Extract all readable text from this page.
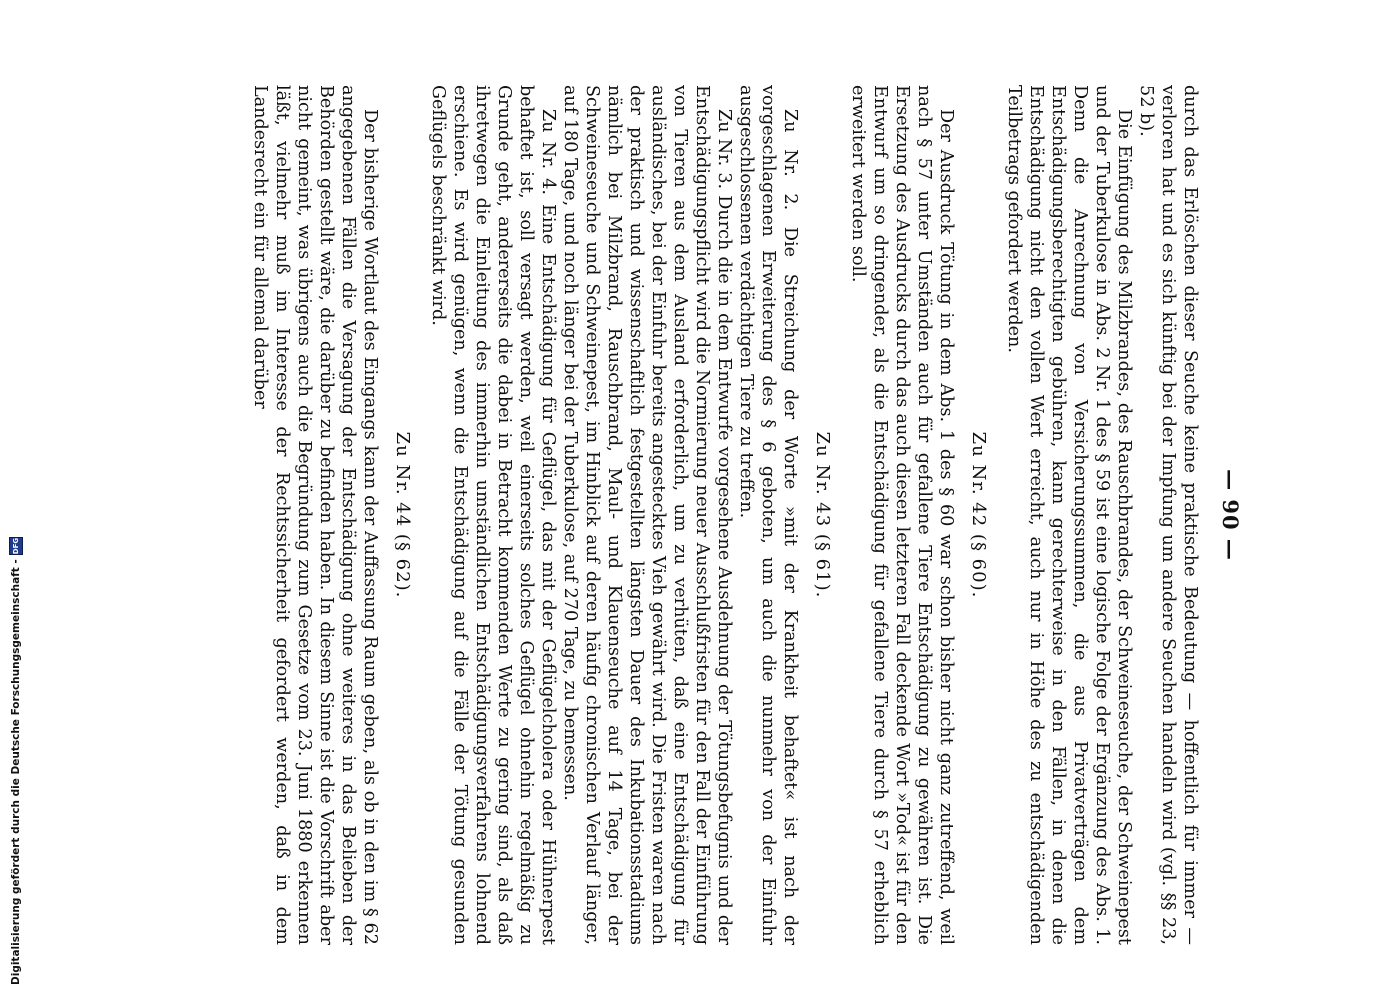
— 90 —

durch das Erlöschen dieser Seuche keine praktische Bedeutung — hoffentlich für immer — verloren hat und es sich künftig bei der Impfung um andere Seuchen handeln wird (vgl. §§ 23, 52 b).

Die Einfügung des Milzbrandes, des Rauschbrandes, der Schweineseuche, der Schweinepest und der Tuberkulose in Abs. 2 Nr. 1 des § 59 ist eine logische Folge der Ergänzung des Abs. 1. Denn die Anrechnung von Versicherungssummen, die aus Privatverträgen dem Entschädigungsberechtigten gebühren, kann gerechterweise in den Fällen, in denen die Entschädigung nicht den vollen Wert erreicht, auch nur in Höhe des zu entschädigenden Teilbetrags gefordert werden.

Zu Nr. 42 (§ 60).

Der Ausdruck Tötung in dem Abs. 1 des § 60 war schon bisher nicht ganz zutreffend, weil nach § 57 unter Umständen auch für gefallene Tiere Entschädigung zu gewähren ist. Die Ersetzung des Ausdrucks durch das auch diesen letzteren Fall deckende Wort »Tod« ist für den Entwurf um so dringender, als die Entschädigung für gefallene Tiere durch § 57 erheblich erweitert werden soll.

Zu Nr. 43 (§ 61).

Zu Nr. 2. Die Streichung der Worte »mit der Krankheit behaftet« ist nach der vorgeschlagenen Erweiterung des § 6 geboten, um auch die nunmehr von der Einfuhr ausgeschlossenen verdächtigen Tiere zu treffen.

Zu Nr. 3. Durch die in dem Entwurfe vorgesehene Ausdehnung der Tötungsbefugnis und der Entschädigungspflicht wird die Normierung neuer Ausschlußfristen für den Fall der Einführung von Tieren aus dem Ausland erforderlich, um zu verhüten, daß eine Entschädigung für ausländisches, bei der Einfuhr bereits angestecktes Vieh gewährt wird. Die Fristen waren nach der praktisch und wissenschaftlich festgestellten längsten Dauer des Inkubationsstadiums nämlich bei Milzbrand, Rauschbrand, Maul- und Klauenseuche auf 14 Tage, bei der Schweineseuche und Schweinepest, im Hinblick auf deren häufig chronischen Verlauf länger, auf 180 Tage, und noch länger bei der Tuberkulose, auf 270 Tage, zu bemessen.

Zu Nr. 4. Eine Entschädigung für Geflügel, das mit der Geflügelcholera oder Hühnerpest behaftet ist, soll versagt werden, weil einerseits solches Geflügel ohnehin regelmäßig zu Grunde geht, andererseits die dabei in Betracht kommenden Werte zu gering sind, als daß ihretwegen die Einleitung des immerhin umständlichen Entschädigungsverfahrens lohnend erschiene. Es wird genügen, wenn die Entschädigung auf die Fälle der Tötung gesunden Geflügels beschränkt wird.

Zu Nr. 44 (§ 62).

Der bisherige Wortlaut des Eingangs kann der Auffassung Raum geben, als ob in den im § 62 angegebenen Fällen die Versagung der Entschädigung ohne weiteres in das Belieben der Behörden gestellt wäre, die darüber zu befinden haben. In diesem Sinne ist die Vorschrift aber nicht gemeint, was übrigens auch die Begründung zum Gesetze vom 23. Juni 1880 erkennen läßt, vielmehr muß im Interesse der Rechtssicherheit gefordert werden, daß in dem Landesrecht ein für allemal darüber

Digitalisierung gefördert durch die Deutsche Forschungsgemeinschaft -
DFG
